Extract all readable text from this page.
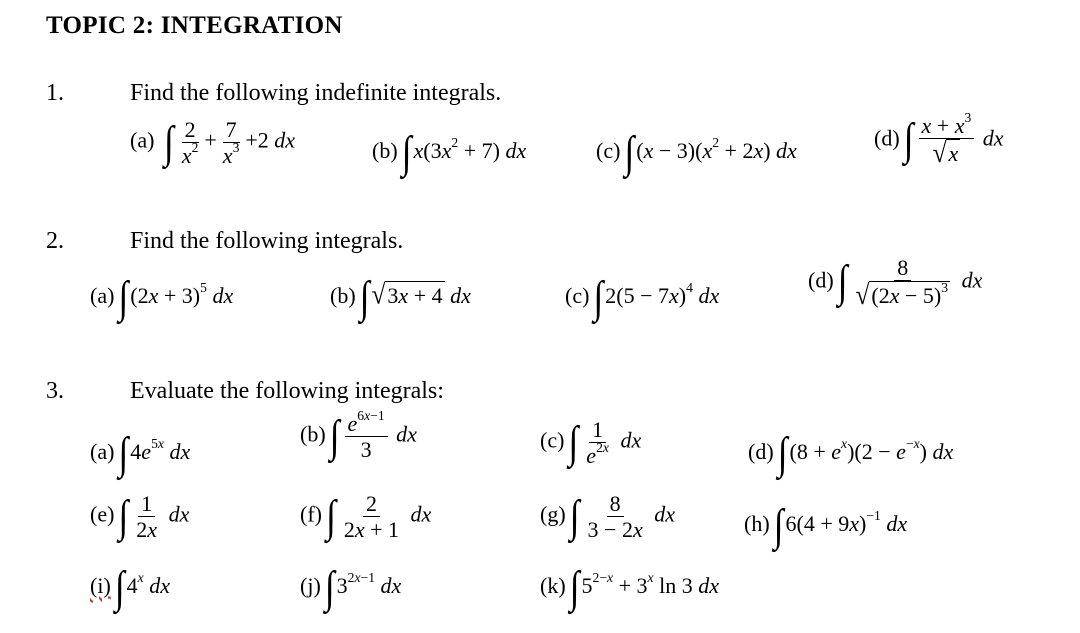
TOPIC 2: INTEGRATION
1.	Find the following indefinite integrals.
(a) ∫ $\frac{2}{x^2} + \frac{7}{x^3} +2$ dx	(b) $\int x(3x^2 + 7)$ dx	(c) $\int(x - 3)(x^2 + 2x)$ dx
(d) ∫ $\frac{x + x^3}{√x}$ dx
2.	Find the following integrals.
(a) $\int(2x + 3)^5$ dx	(b) ∫√3x + 4 dx	(c) $\int 2(5 - 7x)^4$ dx
(d) ∫ $\frac{8}{√(2x - 5)^3}$ dx
3.	Evaluate the following integrals:
(a) $\int 4e^{5x}$ dx
(b) ∫ $\frac{e^{6x-1}}{3}$ dx	(c) ∫ $\frac{1}{e^{2x}}$ dx	(d) $\int(8 + e^x)(2 - e^{-x})$ dx
(e) ∫ $\frac{1}{2x}$ dx	(f) ∫ $\frac{2}{2x + 1}$ dx	(g) ∫ $\frac{8}{3 - 2x}$ dx	(h) $\int 6(4 + 9x)^{-1}$ dx
(i) ∫4$^x$ dx	(j) $\int 3^{2x-1}$ dx	(k) $\int 5^{2-x} + 3^x$ ln 3 dx
